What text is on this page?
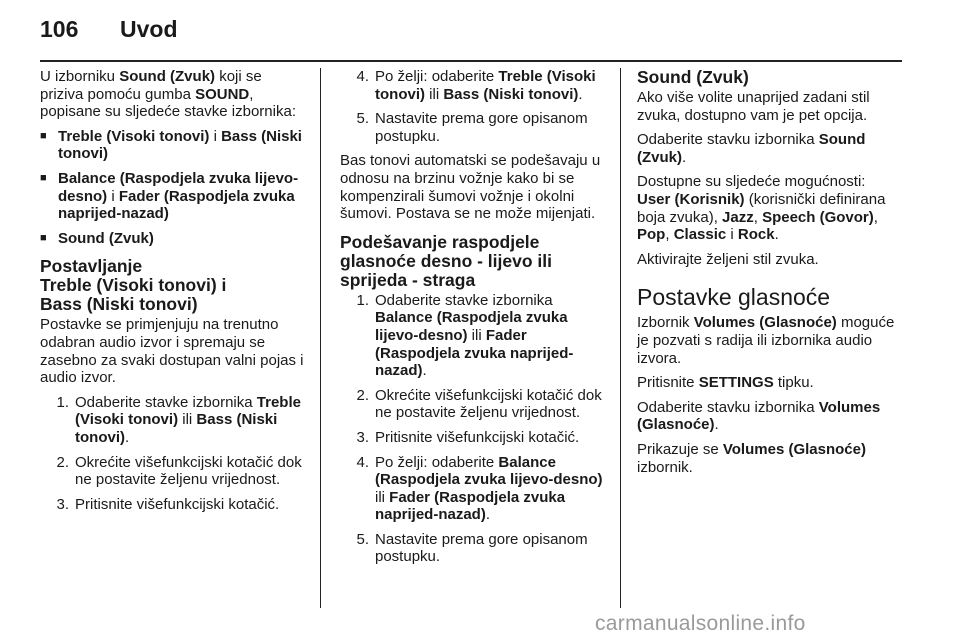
106 Uvod

U izborniku Sound (Zvuk) koji se priziva pomoću gumba SOUND, popisane su sljedeće stavke izbornika:

■ Treble (Visoki tonovi) i Bass (Niski tonovi)
■ Balance (Raspodjela zvuka lijevo-desno) i Fader (Raspodjela zvuka naprijed-nazad)
■ Sound (Zvuk)
Postavljanje
Treble (Visoki tonovi) i
Bass (Niski tonovi)

Postavke se primjenjuju na trenutno odabran audio izvor i spremaju se zasebno za svaki dostupan valni pojas i audio izvor.

1. Odaberite stavke izbornika Treble (Visoki tonovi) ili Bass (Niski tonovi).
2. Okrećite višefunkcijski kotačić dok ne postavite željenu vrijednost.
3. Pritisnite višefunkcijski kotačić.
4. Po želji: odaberite Treble (Visoki tonovi) ili Bass (Niski tonovi).
5. Nastavite prema gore opisanom postupku.

Bas tonovi automatski se podešavaju u odnosu na brzinu vožnje kako bi se kompenzirali šumovi vožnje i okolni šumovi. Postava se ne može mijenjati.

Podešavanje raspodjele
glasnoće desno - lijevo ili
sprijeda - straga
1. Odaberite stavke izbornika Balance (Raspodjela zvuka lijevo-desno) ili Fader (Raspodjela zvuka naprijed-nazad).
2. Okrećite višefunkcijski kotačić dok ne postavite željenu vrijednost.
3. Pritisnite višefunkcijski kotačić.
4. Po želji: odaberite Balance (Raspodjela zvuka lijevo-desno) ili Fader (Raspodjela zvuka naprijed-nazad).
5. Nastavite prema gore opisanom postupku.
Sound (Zvuk)

Ako više volite unaprijed zadani stil zvuka, dostupno vam je pet opcija.

Odaberite stavku izbornika Sound (Zvuk).

Dostupne su sljedeće mogućnosti: User (Korisnik) (korisnički definirana boja zvuka), Jazz, Speech (Govor), Pop, Classic i Rock.

Aktivirajte željeni stil zvuka.

Postavke glasnoće

Izbornik Volumes (Glasnoće) moguće je pozvati s radija ili izbornika audio izvora.

Pritisnite SETTINGS tipku.

Odaberite stavku izbornika Volumes (Glasnoće).

Prikazuje se Volumes (Glasnoće) izbornik.

carmanualsonline.info
